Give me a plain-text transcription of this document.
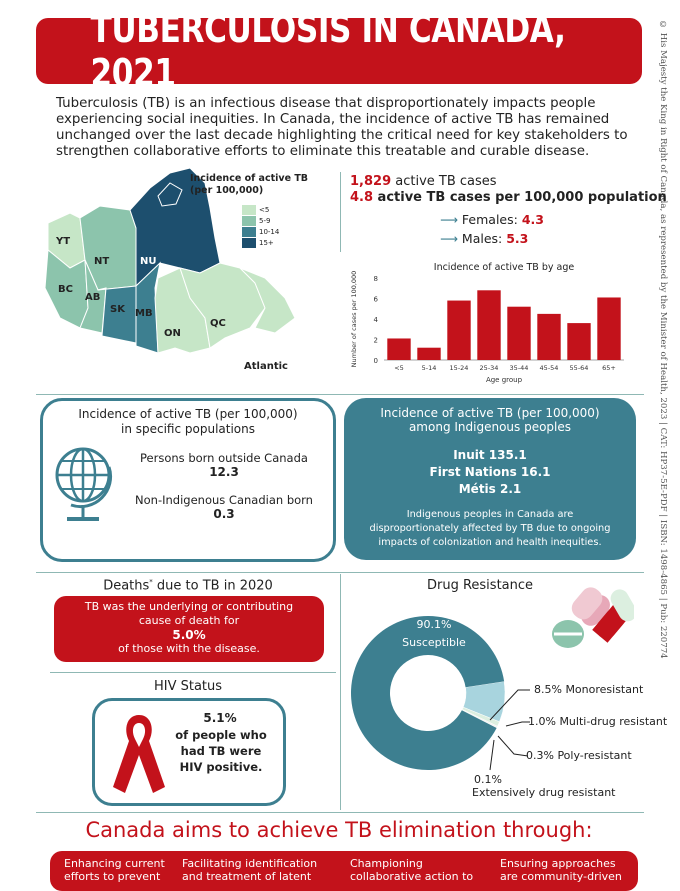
TUBERCULOSIS IN CANADA, 2021	© His Majesty the King in Right of Canada, as represented by the Minister of Health, 2023 | CAT: HP37-5E-PDF | ISBN: 1498-4865 | Pub: 220774
Tuberculosis (TB) is an infectious disease that disproportionately impacts people experiencing social inequities. In Canada, the incidence of active TB has remained unchanged over the last decade highlighting the critical need for key stakeholders to strengthen collaborative efforts to eliminate this treatable and curable disease.
YT
NT	NU
BC
AB
SK MB
ON
QC
Atlantic
Incidence of active TB
(per 100,000)
<5
5-9
10-14
15+
1,829 active TB cases
4.8 active TB cases per 100,000 population
⟶ Females: 4.3
⟶ Males: 5.3
Incidence of active TB by age
0
2
4
6
8
<5	5-14 15-24 25-34 35-44 45-54 55-64 65+
Age group
Number of cases per 100,000
Incidence of active TB (per 100,000)
in specific populations
Persons born outside Canada
12.3
Non-Indigenous Canadian born
0.3
Incidence of active TB (per 100,000)
among Indigenous peoples
Inuit 135.1
First Nations 16.1
Métis 2.1
Indigenous peoples in Canada are disproportionately affected by TB due to ongoing impacts of colonization and health inequities.
Deaths* due to TB in 2020
TB was the underlying or contributing cause of death for
5.0%
of those with the disease.
HIV Status
5.1%
of people who had TB were HIV positive.
Drug Resistance
90.1%
Susceptible
8.5% Monoresistant
1.0% Multi-drug resistant
0.3% Poly-resistant
0.1%
Extensively drug resistant
Canada aims to achieve TB elimination through:
Enhancing current efforts to prevent
Facilitating identification and treatment of latent
Championing collaborative action to
Ensuring approaches are community-driven
